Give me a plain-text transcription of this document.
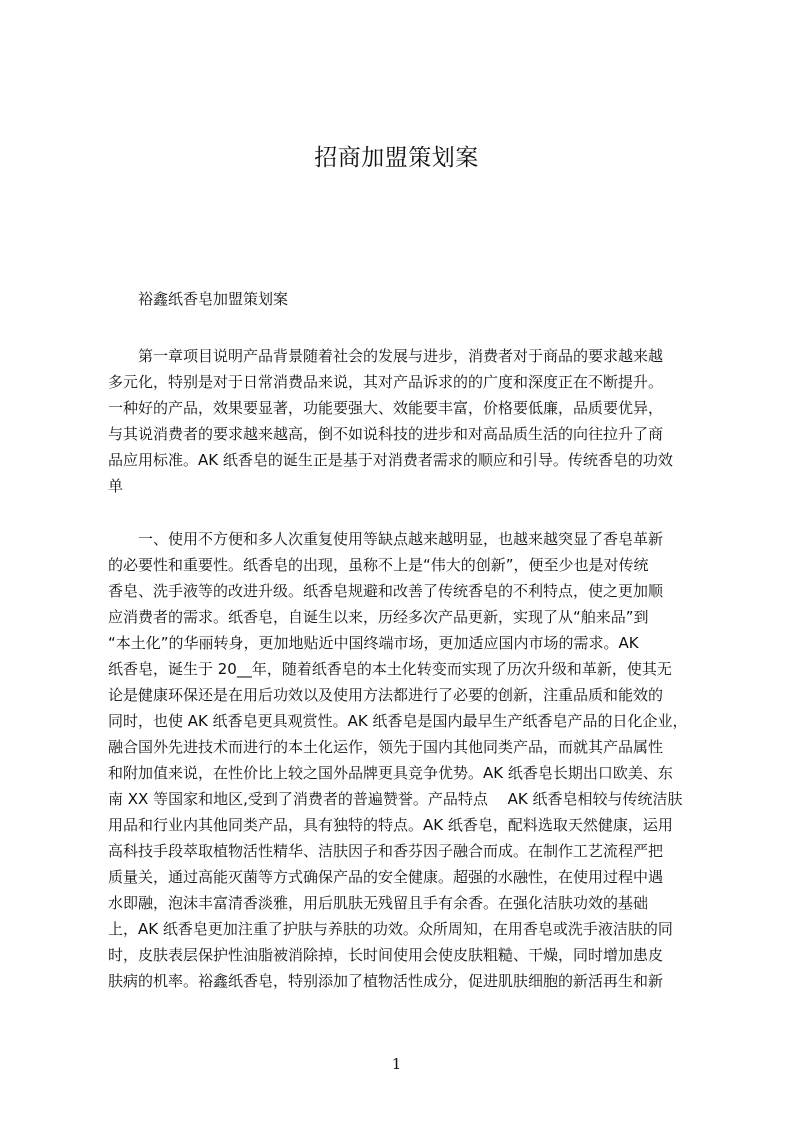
招商加盟策划案
裕鑫纸香皂加盟策划案
　　第一章项目说明产品背景随着社会的发展与进步，消费者对于商品的要求越来越
多元化，特别是对于日常消费品来说，其对产品诉求的的广度和深度正在不断提升。
一种好的产品，效果要显著，功能要强大、效能要丰富，价格要低廉，品质要优异，
与其说消费者的要求越来越高，倒不如说科技的进步和对高品质生活的向往拉升了商
品应用标准。AK 纸香皂的诞生正是基于对消费者需求的顺应和引导。传统香皂的功效
单
　　一、使用不方便和多人次重复使用等缺点越来越明显，也越来越突显了香皂革新
的必要性和重要性。纸香皂的出现，虽称不上是“伟大的创新”，便至少也是对传统
香皂、洗手液等的改进升级。纸香皂规避和改善了传统香皂的不利特点，使之更加顺
应消费者的需求。纸香皂，自诞生以来，历经多次产品更新，实现了从“舶来品”到
“本土化”的华丽转身，更加地贴近中国终端市场，更加适应国内市场的需求。AK
纸香皂，诞生于 20__年，随着纸香皂的本土化转变而实现了历次升级和革新，使其无
论是健康环保还是在用后功效以及使用方法都进行了必要的创新，注重品质和能效的
同时，也使 AK 纸香皂更具观赏性。AK 纸香皂是国内最早生产纸香皂产品的日化企业，
融合国外先进技术而进行的本土化运作，领先于国内其他同类产品，而就其产品属性
和附加值来说，在性价比上较之国外品牌更具竞争优势。AK 纸香皂长期出口欧美、东
南 XX 等国家和地区,受到了消费者的普遍赞誉。产品特点　 AK 纸香皂相较与传统洁肤
用品和行业内其他同类产品，具有独特的特点。AK 纸香皂，配料选取天然健康，运用
高科技手段萃取植物活性精华、洁肤因子和香芬因子融合而成。在制作工艺流程严把
质量关，通过高能灭菌等方式确保产品的安全健康。超强的水融性，在使用过程中遇
水即融，泡沫丰富清香淡雅，用后肌肤无残留且手有余香。在强化洁肤功效的基础
上，AK 纸香皂更加注重了护肤与养肤的功效。众所周知，在用香皂或洗手液洁肤的同
时，皮肤表层保护性油脂被消除掉，长时间使用会使皮肤粗糙、干燥，同时增加患皮
肤病的机率。裕鑫纸香皂，特别添加了植物活性成分，促进肌肤细胞的新活再生和新
1
